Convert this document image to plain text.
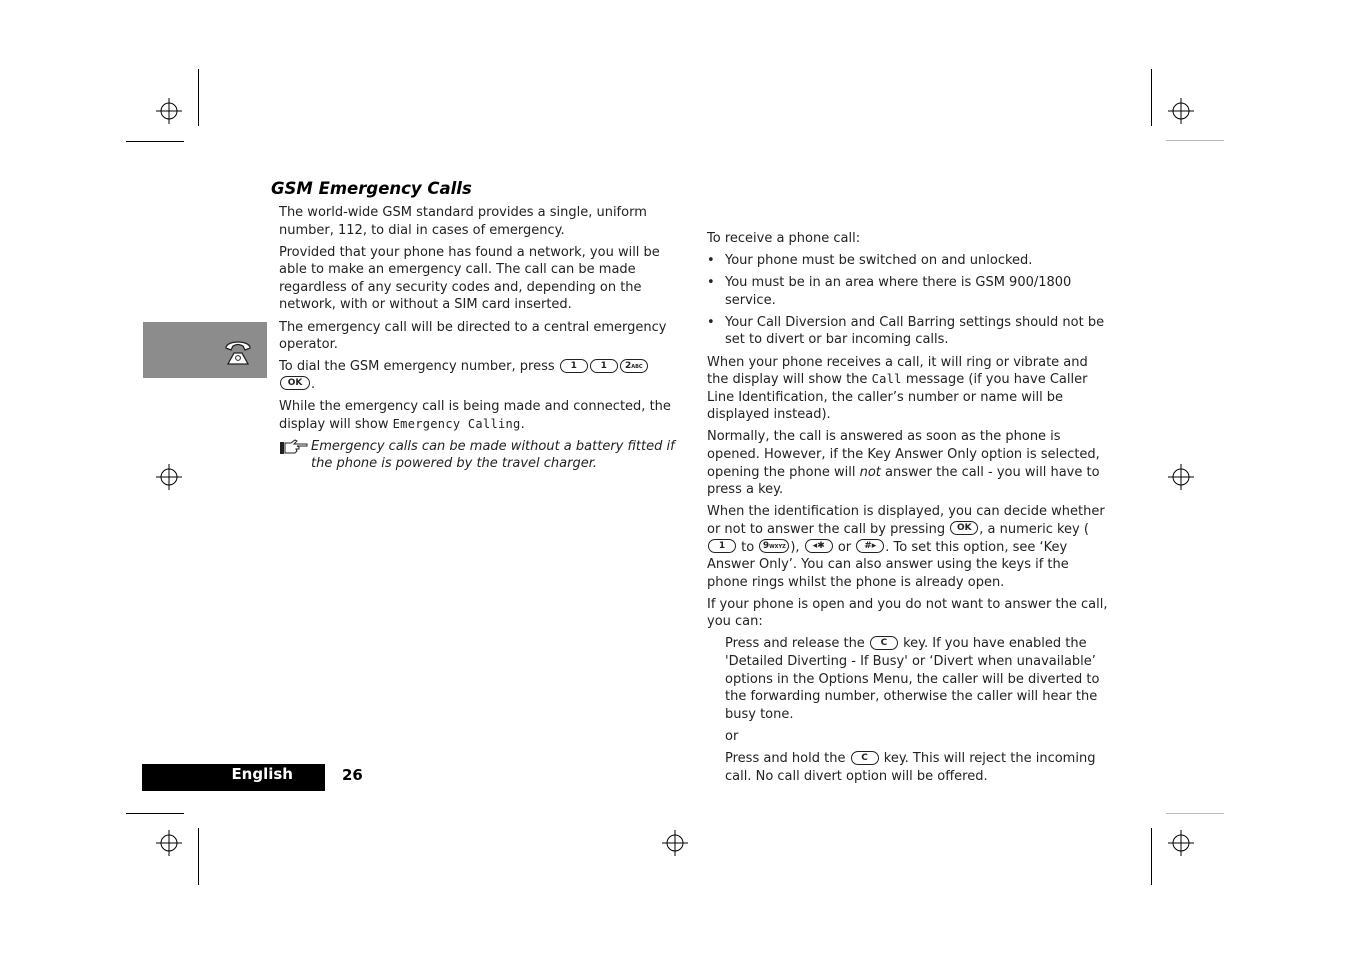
GSM Emergency Calls

The world-wide GSM standard provides a single, uniform number, 112, to dial in cases of emergency.

Provided that your phone has found a network, you will be able to make an emergency call. The call can be made regardless of any security codes and, depending on the network, with or without a SIM card inserted.

The emergency call will be directed to a central emergency operator.

To dial the GSM emergency number, press 1	1 2ABCOK .

While the emergency call is being made and connected, the display will show Emergency Calling.

Emergency calls can be made without a battery fitted if the phone is powered by the travel charger.

To receive a phone call:

• Your phone must be switched on and unlocked.
• You must be in an area where there is GSM 900/1800 service.
• Your Call Diversion and Call Barring settings should not be set to divert or bar incoming calls.

When your phone receives a call, it will ring or vibrate and the display will show the Call message (if you have Caller Line Identification, the caller’s number or name will be displayed instead).

Normally, the call is answered as soon as the phone is opened. However, if the Key Answer Only option is selected, opening the phone will not answer the call - you will have to press a key.

When the identification is displayed, you can decide whether or not to answer the call by pressing OK , a numeric key (1 to 9WXYZ ), ◂✱ or #▸ . To set this option, see ‘Key Answer Only’. You can also answer using the keys if the phone rings whilst the phone is already open.

If your phone is open and you do not want to answer the call, you can:

Press and release the C key. If you have enabled the 'Detailed Diverting - If Busy' or ‘Divert when unavailable’ options in the Options Menu, the caller will be diverted to the forwarding number, otherwise the caller will hear the busy tone.

or

Press and hold the C key. This will reject the incoming call. No call divert option will be offered.

English	26
